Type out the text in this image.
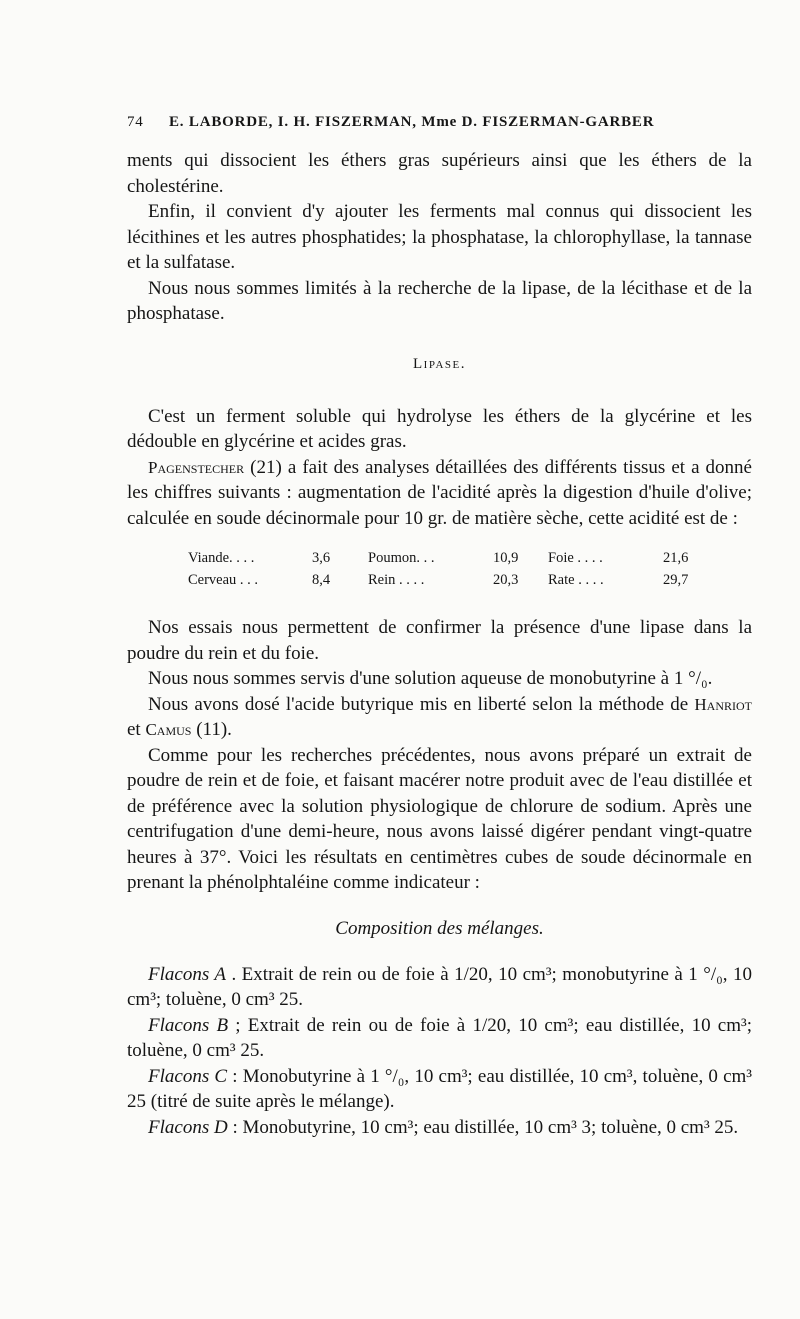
74 E. LABORDE, I. H. FISZERMAN, Mme D. FISZERMAN-GARBER

ments qui dissocient les éthers gras supérieurs ainsi que les éthers de la cholestérine.

Enfin, il convient d'y ajouter les ferments mal connus qui dissocient les lécithines et les autres phosphatides; la phosphatase, la chlorophyllase, la tannase et la sulfatase.

Nous nous sommes limités à la recherche de la lipase, de la lécithase et de la phosphatase.

Lipase.

C'est un ferment soluble qui hydrolyse les éthers de la glycérine et les dédouble en glycérine et acides gras.

Pagenstecher (21) a fait des analyses détaillées des différents tissus et a donné les chiffres suivants : augmentation de l'acidité après la digestion d'huile d'olive; calculée en soude décinormale pour 10 gr. de matière sèche, cette acidité est de :

Viande. . . .	3,6	Poumon. . .	10,9	Foie . . . .	21,6
Cerveau . . .	8,4	Rein . . . .	20,3	Rate . . . .	29,7

Nos essais nous permettent de confirmer la présence d'une lipase dans la poudre du rein et du foie.

Nous nous sommes servis d'une solution aqueuse de monobutyrine à 1 °/₀.

Nous avons dosé l'acide butyrique mis en liberté selon la méthode de Hanriot et Camus (11).

Comme pour les recherches précédentes, nous avons préparé un extrait de poudre de rein et de foie, et faisant macérer notre produit avec de l'eau distillée et de préférence avec la solution physiologique de chlorure de sodium. Après une centrifugation d'une demi-heure, nous avons laissé digérer pendant vingt-quatre heures à 37°. Voici les résultats en centimètres cubes de soude décinormale en prenant la phénolphtaléine comme indicateur :

Composition des mélanges.

Flacons A . Extrait de rein ou de foie à 1/20, 10 cm³; monobutyrine à 1 °/₀, 10 cm³; toluène, 0 cm³ 25.

Flacons B ; Extrait de rein ou de foie à 1/20, 10 cm³; eau distillée, 10 cm³; toluène, 0 cm³ 25.

Flacons C : Monobutyrine à 1 °/₀, 10 cm³; eau distillée, 10 cm³, toluène, 0 cm³ 25 (titré de suite après le mélange).

Flacons D : Monobutyrine, 10 cm³; eau distillée, 10 cm³ 3; toluène, 0 cm³ 25.
